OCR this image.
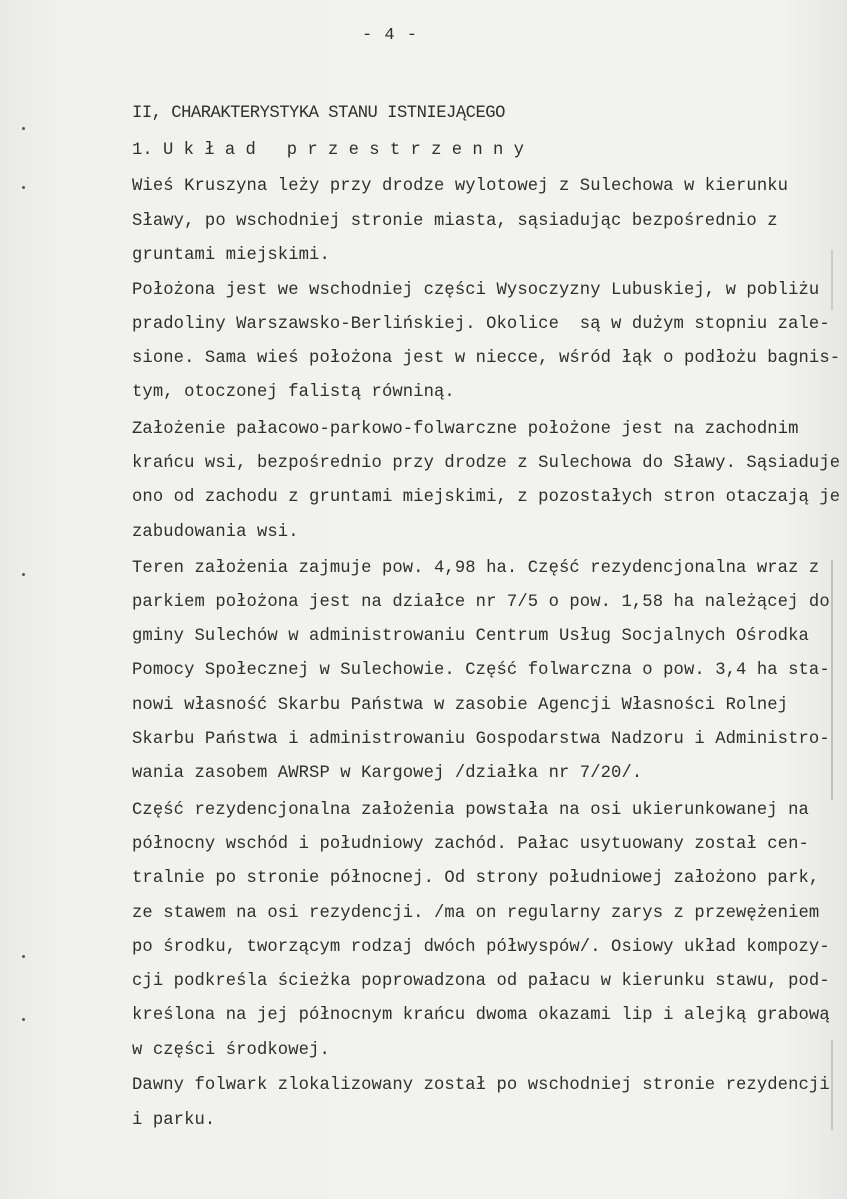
- 4 -
II, CHARAKTERYSTYKA STANU ISTNIEJĄCEGO
1. U k ł a d   p r z e s t r z e n n y
Wieś Kruszyna leży przy drodze wylotowej z Sulechowa w kierunku
Sławy, po wschodniej stronie miasta, sąsiadując bezpośrednio z
gruntami miejskimi.
Położona jest we wschodniej części Wysoczyzny Lubuskiej, w pobliżu
pradoliny Warszawsko-Berlińskiej. Okolice  są w dużym stopniu zale-
sione. Sama wieś położona jest w niecce, wśród łąk o podłożu bagnis-
tym, otoczonej falistą równiną.
Założenie pałacowo-parkowo-folwarczne położone jest na zachodnim
krańcu wsi, bezpośrednio przy drodze z Sulechowa do Sławy. Sąsiaduje
ono od zachodu z gruntami miejskimi, z pozostałych stron otaczają je
zabudowania wsi.
Teren założenia zajmuje pow. 4,98 ha. Część rezydencjonalna wraz z
parkiem położona jest na działce nr 7/5 o pow. 1,58 ha należącej do
gminy Sulechów w administrowaniu Centrum Usług Socjalnych Ośrodka
Pomocy Społecznej w Sulechowie. Część folwarczna o pow. 3,4 ha sta-
nowi własność Skarbu Państwa w zasobie Agencji Własności Rolnej
Skarbu Państwa i administrowaniu Gospodarstwa Nadzoru i Administro-
wania zasobem AWRSP w Kargowej /działka nr 7/20/.
Część rezydencjonalna założenia powstała na osi ukierunkowanej na
północny wschód i południowy zachód. Pałac usytuowany został cen-
tralnie po stronie północnej. Od strony południowej założono park,
ze stawem na osi rezydencji. /ma on regularny zarys z przewężeniem
po środku, tworzącym rodzaj dwóch półwyspów/. Osiowy układ kompozy-
cji podkreśla ścieżka poprowadzona od pałacu w kierunku stawu, pod-
kreślona na jej północnym krańcu dwoma okazami lip i alejką grabową
w części środkowej.
Dawny folwark zlokalizowany został po wschodniej stronie rezydencji
i parku.
